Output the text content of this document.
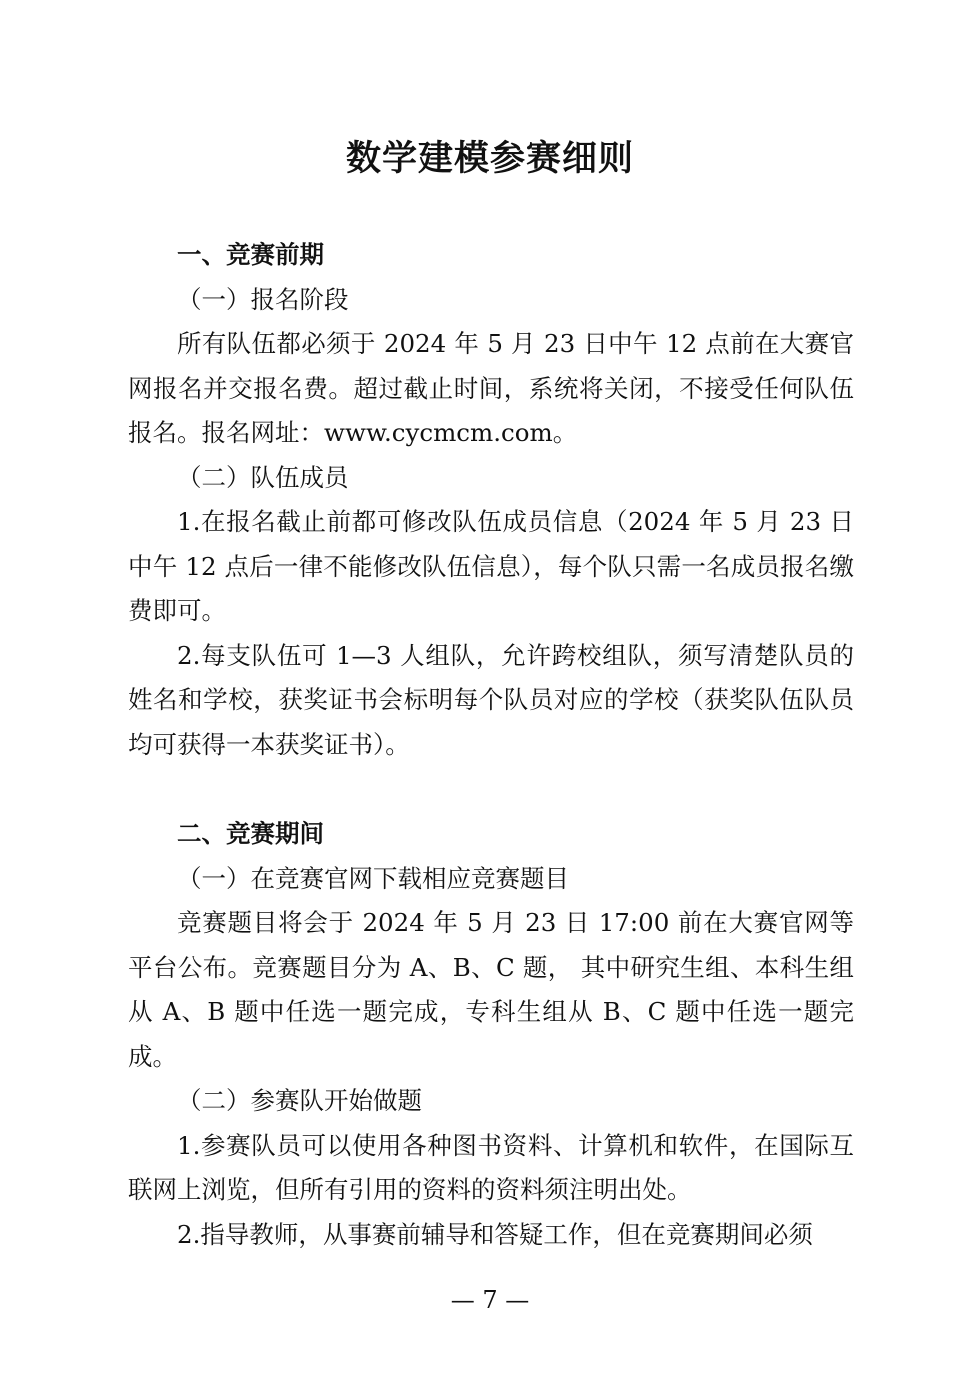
数学建模参赛细则
一、竞赛前期
（一）报名阶段

所有队伍都必须于 2024 年 5 月 23 日中午 12 点前在大赛官网报名并交报名费。超过截止时间，系统将关闭，不接受任何队伍报名。报名网址：www.cycmcm.com。

（二）队伍成员

1.在报名截止前都可修改队伍成员信息（2024 年 5 月 23 日中午 12 点后一律不能修改队伍信息），每个队只需一名成员报名缴费即可。

2.每支队伍可 1—3 人组队，允许跨校组队，须写清楚队员的姓名和学校，获奖证书会标明每个队员对应的学校（获奖队伍队员均可获得一本获奖证书）。

二、竞赛期间
（一）在竞赛官网下载相应竞赛题目

竞赛题目将会于 2024 年 5 月 23 日 17:00 前在大赛官网等平台公布。竞赛题目分为 A、B、C 题， 其中研究生组、本科生组从 A、B 题中任选一题完成，专科生组从 B、C 题中任选一题完成。

（二）参赛队开始做题

1.参赛队员可以使用各种图书资料、计算机和软件，在国际互联网上浏览，但所有引用的资料的资料须注明出处。

2.指导教师，从事赛前辅导和答疑工作，但在竞赛期间必须

— 7 —
